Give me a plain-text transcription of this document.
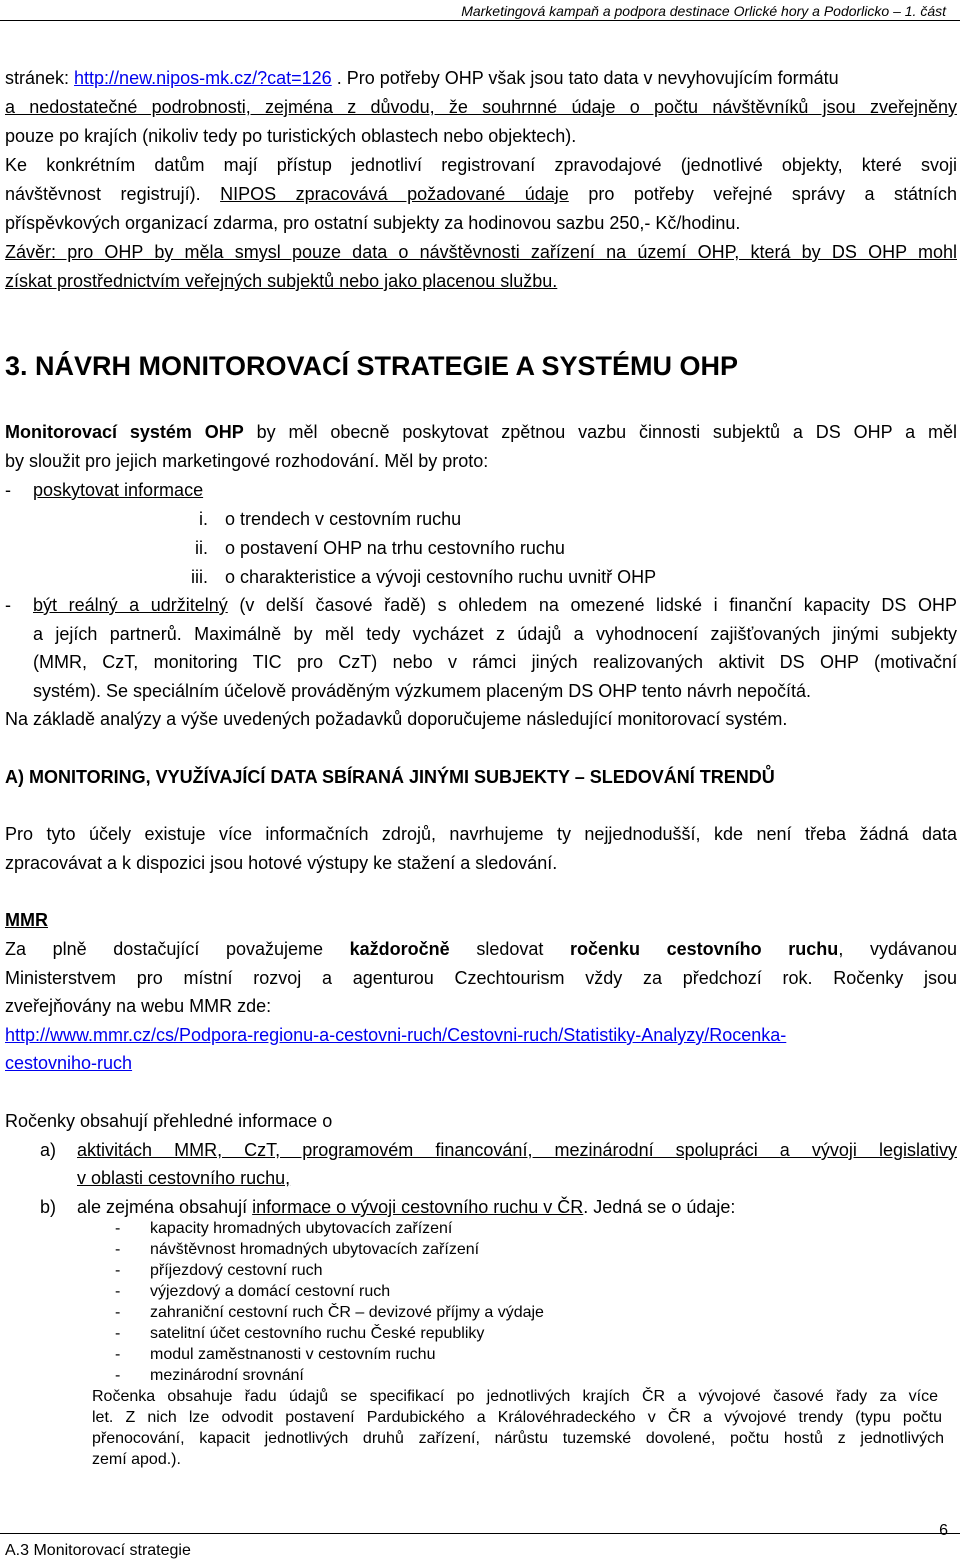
Marketingová kampaň a podpora destinace Orlické hory a Podorlicko – 1. část
stránek: http://new.nipos-mk.cz/?cat=126 . Pro potřeby OHP však jsou tato data v nevyhovujícím formátu
a nedostatečné podrobnosti, zejména z důvodu, že souhrnné údaje o počtu návštěvníků jsou zveřejněny
pouze po krajích (nikoliv tedy po turistických oblastech nebo objektech).
Ke konkrétním datům mají přístup jednotliví registrovaní zpravodajové (jednotlivé objekty, které svoji
návštěvnost registrují). NIPOS zpracovává požadované údaje pro potřeby veřejné správy a státních
příspěvkových organizací zdarma, pro ostatní subjekty za hodinovou sazbu 250,- Kč/hodinu.
Závěr: pro OHP by měla smysl pouze data o návštěvnosti zařízení na území OHP, která by DS OHP mohl
získat prostřednictvím veřejných subjektů nebo jako placenou službu.
3. NÁVRH MONITOROVACÍ STRATEGIE A SYSTÉMU OHP
Monitorovací systém OHP by měl obecně poskytovat zpětnou vazbu činnosti subjektů a DS OHP a měl
by sloužit pro jejich marketingové rozhodování. Měl by proto:
- poskytovat informace
i. o trendech v cestovním ruchu
ii. o postavení OHP na trhu cestovního ruchu
iii. o charakteristice a vývoji cestovního ruchu uvnitř OHP
- být reálný a udržitelný (v delší časové řadě) s ohledem na omezené lidské i finanční kapacity DS OHP
a jejích partnerů. Maximálně by měl tedy vycházet z údajů a vyhodnocení zajišťovaných jinými subjekty
(MMR, CzT, monitoring TIC pro CzT) nebo v rámci jiných realizovaných aktivit DS OHP (motivační
systém). Se speciálním účelově prováděným výzkumem placeným DS OHP tento návrh nepočítá.
Na základě analýzy a výše uvedených požadavků doporučujeme následující monitorovací systém.
A) MONITORING, VYUŽÍVAJÍCÍ DATA SBÍRANÁ JINÝMI SUBJEKTY – SLEDOVÁNÍ TRENDŮ
Pro tyto účely existuje více informačních zdrojů, navrhujeme ty nejjednodušší, kde není třeba žádná data
zpracovávat a k dispozici jsou hotové výstupy ke stažení a sledování.
MMR
Za plně dostačující považujeme každoročně sledovat ročenku cestovního ruchu, vydávanou
Ministerstvem pro místní rozvoj a agenturou Czechtourism vždy za předchozí rok. Ročenky jsou
zveřejňovány na webu MMR zde:
http://www.mmr.cz/cs/Podpora-regionu-a-cestovni-ruch/Cestovni-ruch/Statistiky-Analyzy/Rocenka-
cestovniho-ruch
Ročenky obsahují přehledné informace o
a) aktivitách MMR, CzT, programovém financování, mezinárodní spolupráci a vývoji legislativy
v oblasti cestovního ruchu,
b) ale zejména obsahují informace o vývoji cestovního ruchu v ČR. Jedná se o údaje:
- kapacity hromadných ubytovacích zařízení
- návštěvnost hromadných ubytovacích zařízení
- příjezdový cestovní ruch
- výjezdový a domácí cestovní ruch
- zahraniční cestovní ruch ČR – devizové příjmy a výdaje
- satelitní účet cestovního ruchu České republiky
- modul zaměstnanosti v cestovním ruchu
- mezinárodní srovnání
Ročenka obsahuje řadu údajů se specifikací po jednotlivých krajích ČR a vývojové časové řady za více
let. Z nich lze odvodit postavení Pardubického a Královéhradeckého v ČR a vývojové trendy (typu počtu
přenocování, kapacit jednotlivých druhů zařízení, nárůstu tuzemské dovolené, počtu hostů z jednotlivých
zemí apod.).
A.3 Monitorovací strategie
6
